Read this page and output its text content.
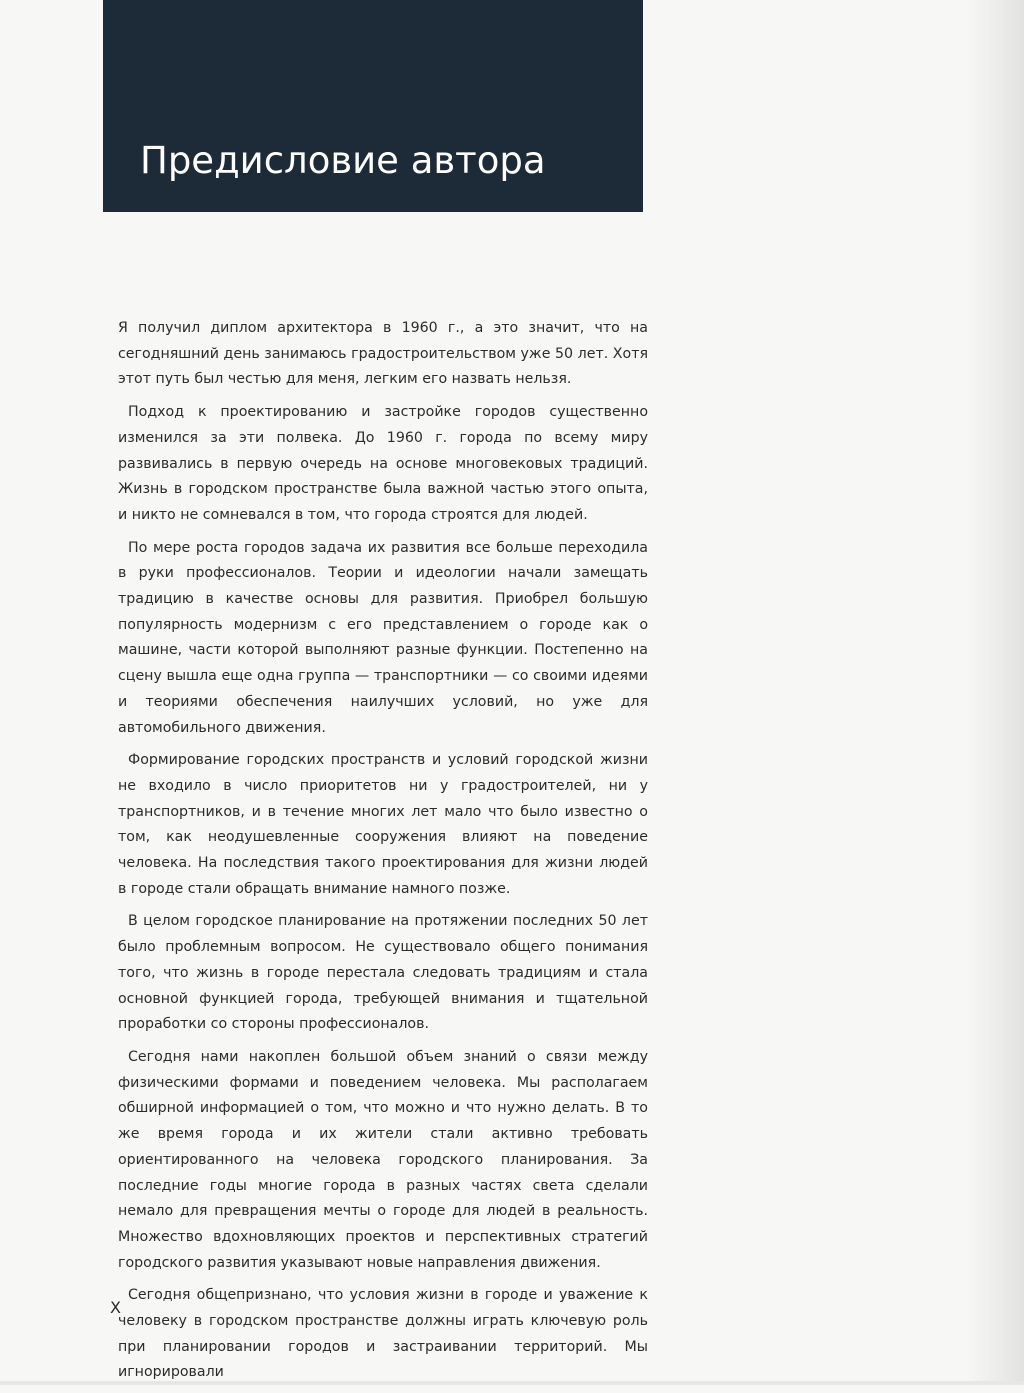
Предисловие автора

Я получил диплом архитектора в 1960 г., а это значит, что на сегодняшний день занимаюсь градостроительством уже 50 лет. Хотя этот путь был честью для меня, легким его назвать нельзя.

Подход к проектированию и застройке городов существенно изменился за эти полвека. До 1960 г. города по всему миру развивались в первую очередь на основе многовековых традиций. Жизнь в городском пространстве была важной частью этого опыта, и никто не сомневался в том, что города строятся для людей.

По мере роста городов задача их развития все больше переходила в руки профессионалов. Теории и идеологии начали замещать традицию в качестве основы для развития. Приобрел большую популярность модернизм с его представлением о городе как о машине, части которой выполняют разные функции. Постепенно на сцену вышла еще одна группа — транспортники — со своими идеями и теориями обеспечения наилучших условий, но уже для автомобильного движения.

Формирование городских пространств и условий городской жизни не входило в число приоритетов ни у градостроителей, ни у транспортников, и в течение многих лет мало что было известно о том, как неодушевленные сооружения влияют на поведение человека. На последствия такого проектирования для жизни людей в городе стали обращать внимание намного позже.

В целом городское планирование на протяжении последних 50 лет было проблемным вопросом. Не существовало общего понимания того, что жизнь в городе перестала следовать традициям и стала основной функцией города, требующей внимания и тщательной проработки со стороны профессионалов.

Сегодня нами накоплен большой объем знаний о связи между физическими формами и поведением человека. Мы располагаем обширной информацией о том, что можно и что нужно делать. В то же время города и их жители стали активно требовать ориентированного на человека городского планирования. За последние годы многие города в разных частях света сделали немало для превращения мечты о городе для людей в реальность. Множество вдохновляющих проектов и перспективных стратегий городского развития указывают новые направления движения.

Сегодня общепризнано, что условия жизни в городе и уважение к человеку в городском пространстве должны играть ключевую роль при планировании городов и застраивании территорий. Мы игнорировали

X
